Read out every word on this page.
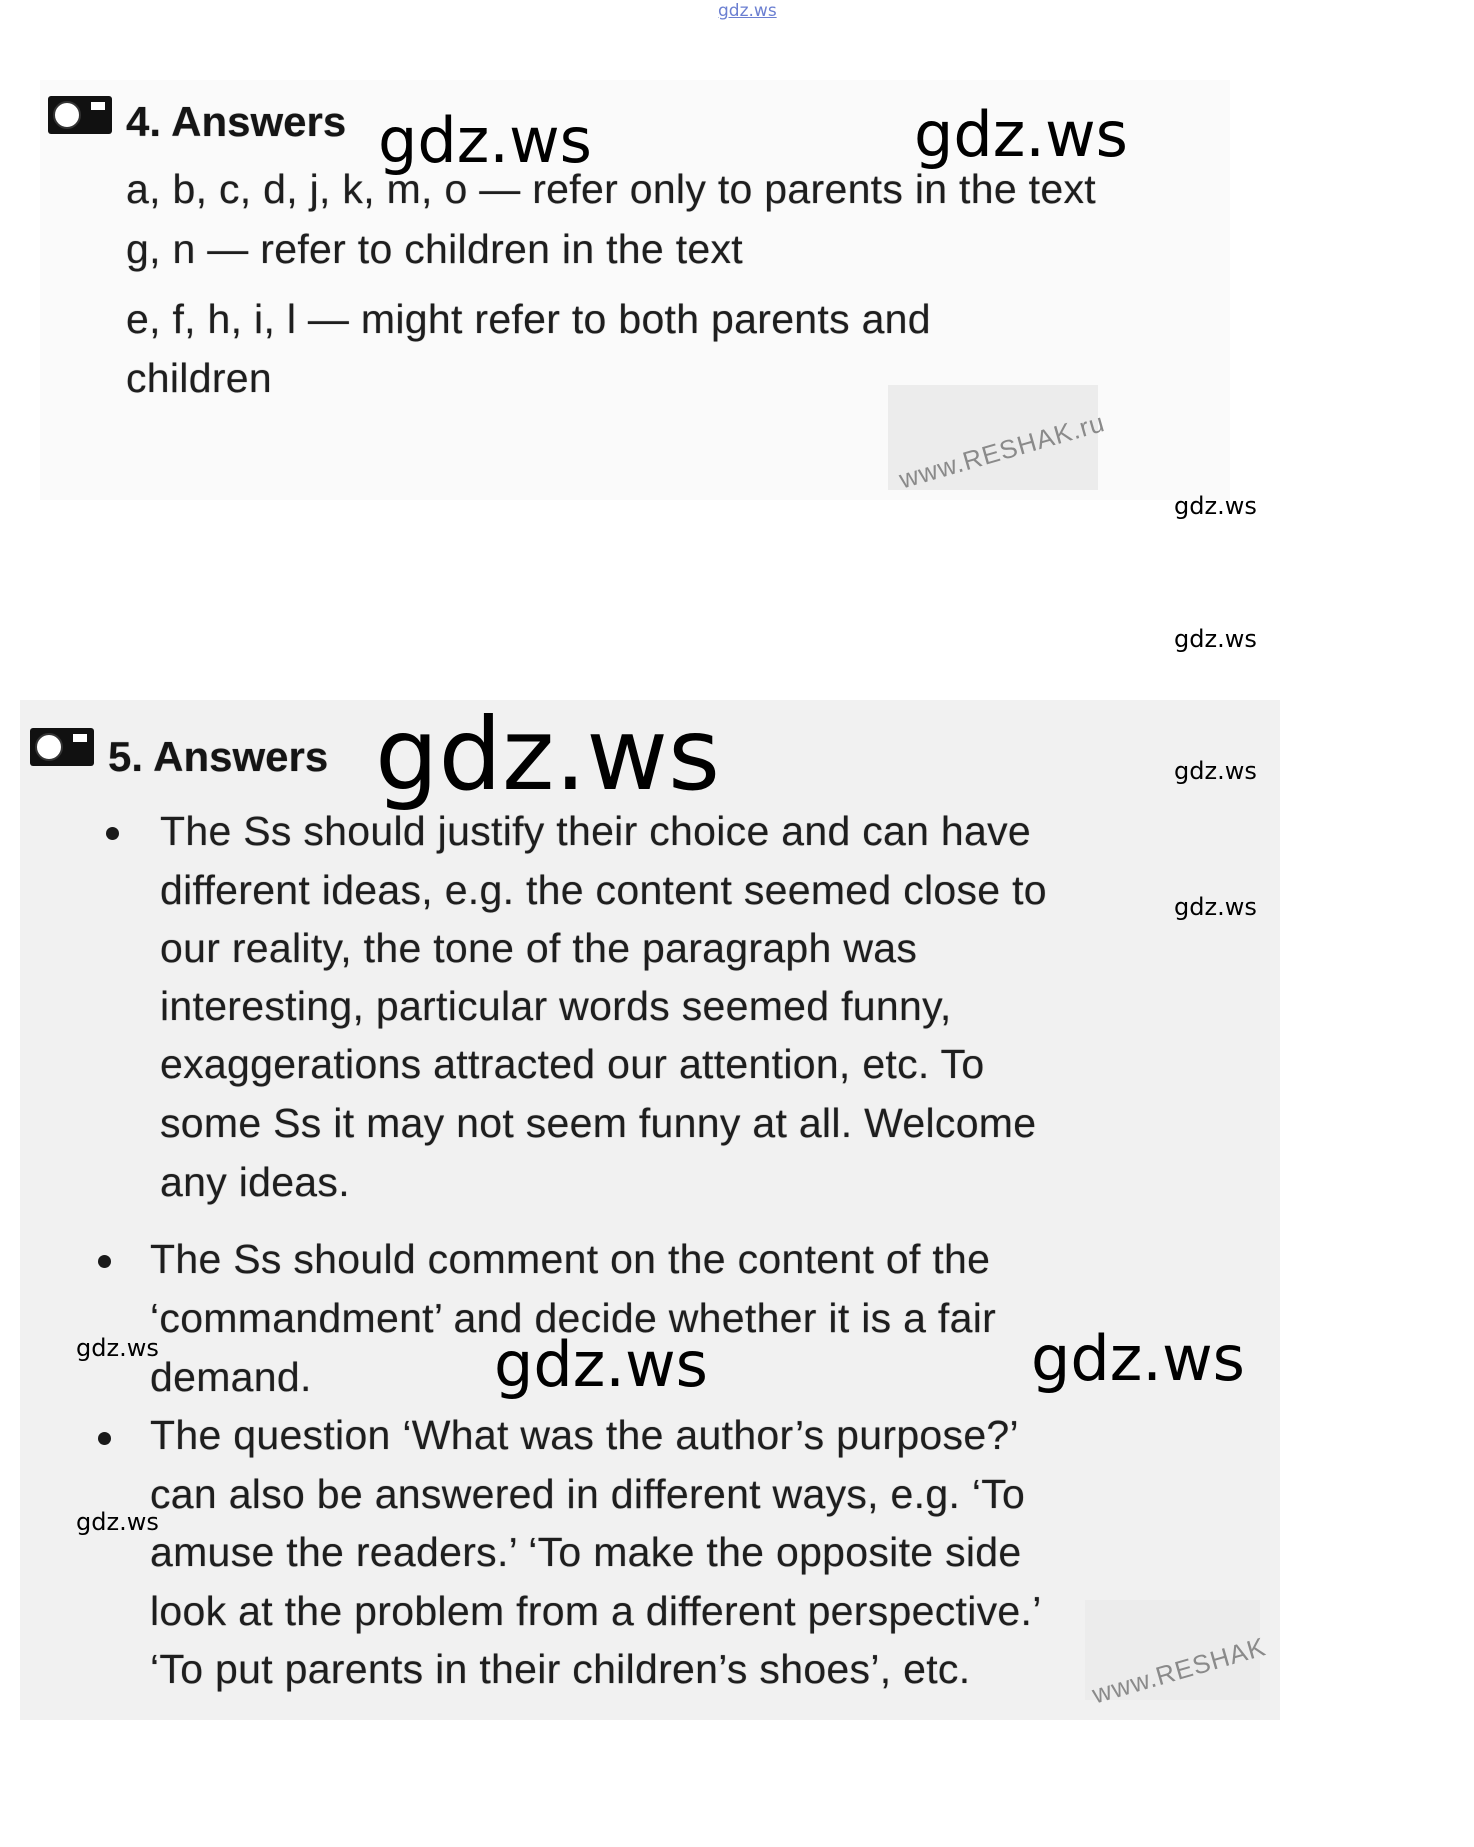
gdz.ws
4. Answers
a, b, c, d, j, k, m, o — refer only to parents in the text
g, n — refer to children in the text
e, f, h, i, l — might refer to both parents and
children
www.RESHAK.ru
5. Answers
The Ss should justify their choice and can have
different ideas, e.g. the content seemed close to
our reality, the tone of the paragraph was
interesting, particular words seemed funny,
exaggerations attracted our attention, etc. To
some Ss it may not seem funny at all. Welcome
any ideas.
The Ss should comment on the content of the
‘commandment’ and decide whether it is a fair
demand.
The question ‘What was the author’s purpose?’
can also be answered in different ways, e.g. ‘To
amuse the readers.’ ‘To make the opposite side
look at the problem from a different perspective.’
‘To put parents in their children’s shoes’, etc.	www.RESHAK
gdz.ws	gdz.ws
gdz.ws
gdz.ws	gdz.ws
gdz.ws
gdz.ws
gdz.ws
gdz.ws
gdz.ws
gdz.ws
